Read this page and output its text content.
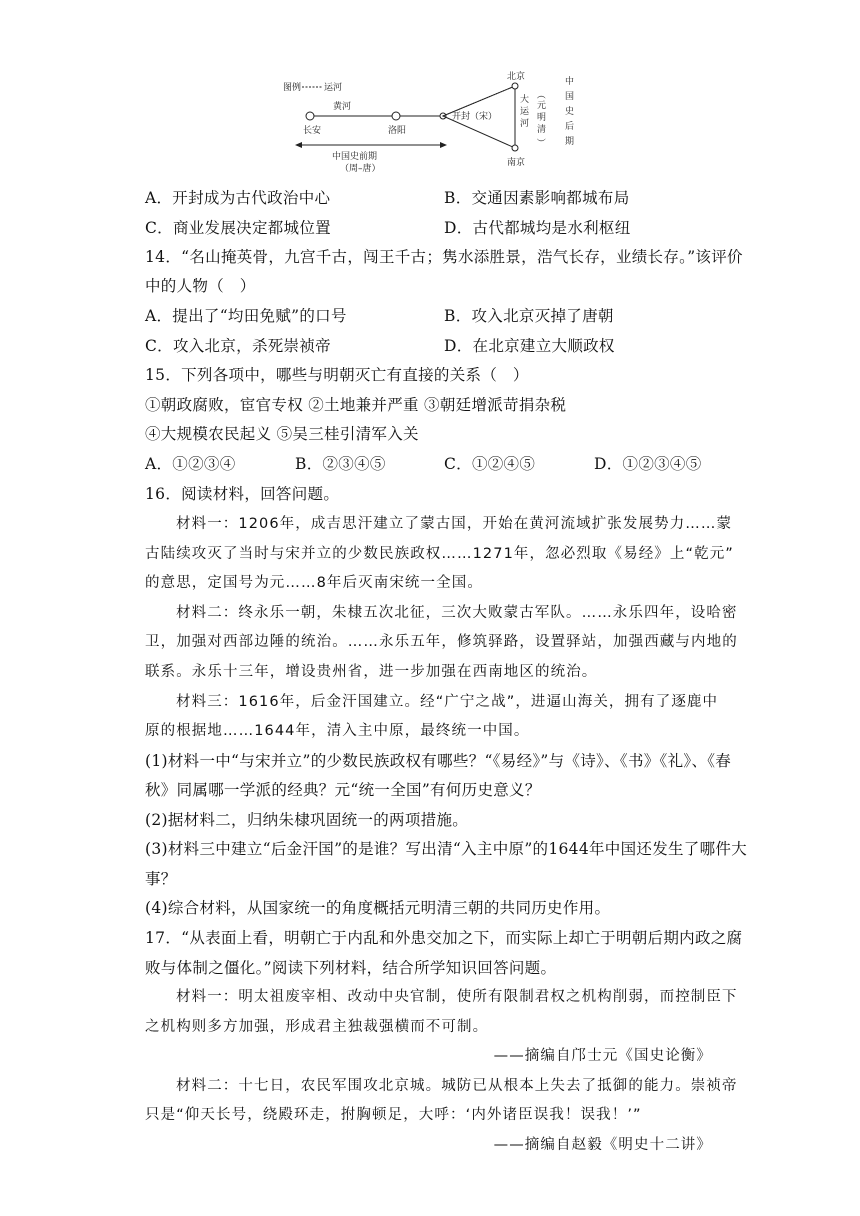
图例	运河
黄河
长安	洛阳
开封（宋）
北京
南京
大
运
河
（
元
明
清
）
中
国
史
后
期
中国史前期
（周–唐）
A．开封成为古代政治中心	B．交通因素影响都城布局
C．商业发展决定都城位置	D．古代都城均是水利枢纽
14．“名山掩英骨，九宫千古，闯王千古；隽水添胜景，浩气长存，业绩长存。”该评价
中的人物（　）
A．提出了“均田免赋”的口号	B．攻入北京灭掉了唐朝
C．攻入北京，杀死崇祯帝	D．在北京建立大顺政权
15．下列各项中，哪些与明朝灭亡有直接的关系（　）
①朝政腐败，宦官专权 ②土地兼并严重 ③朝廷增派苛捐杂税
④大规模农民起义 ⑤吴三桂引清军入关
A．①②③④	B．②③④⑤	C．①②④⑤	D．①②③④⑤
16．阅读材料，回答问题。
材料一：1206年，成吉思汗建立了蒙古国，开始在黄河流域扩张发展势力……蒙
古陆续攻灭了当时与宋并立的少数民族政权……1271年，忽必烈取《易经》上“乾元”
的意思，定国号为元……8年后灭南宋统一全国。
材料二：终永乐一朝，朱棣五次北征，三次大败蒙古军队。……永乐四年，设哈密
卫，加强对西部边陲的统治。……永乐五年，修筑驿路，设置驿站，加强西藏与内地的
联系。永乐十三年，增设贵州省，进一步加强在西南地区的统治。
材料三：1616年，后金汗国建立。经“广宁之战”，进逼山海关，拥有了逐鹿中
原的根据地……1644年，清入主中原，最终统一中国。
(1)材料一中“与宋并立”的少数民族政权有哪些？“《易经》”与《诗》、《书》《礼》、《春
秋》同属哪一学派的经典？元“统一全国”有何历史意义？
(2)据材料二，归纳朱棣巩固统一的两项措施。
(3)材料三中建立“后金汗国”的是谁？写出清“入主中原”的1644年中国还发生了哪件大
事？
(4)综合材料，从国家统一的角度概括元明清三朝的共同历史作用。
17．“从表面上看，明朝亡于内乱和外患交加之下，而实际上却亡于明朝后期内政之腐
败与体制之僵化。”阅读下列材料，结合所学知识回答问题。
材料一：明太祖废宰相、改动中央官制，使所有限制君权之机构削弱，而控制臣下
之机构则多方加强，形成君主独裁强横而不可制。
——摘编自邝士元《国史论衡》
材料二：十七日，农民军围攻北京城。城防已从根本上失去了抵御的能力。崇祯帝
只是“仰天长号，绕殿环走，拊胸顿足，大呼：‘内外诸臣误我！误我！’”
——摘编自赵毅《明史十二讲》
